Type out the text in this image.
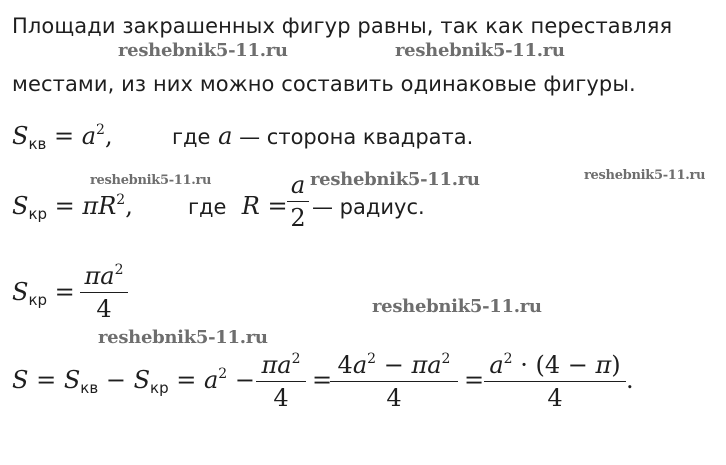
Площади закрашенных фигур равны, так как переставляя
местами, из них можно составить одинаковые фигуры.
$S_{кв} = a^2$,	где a — сторона квадрата.
$S_{кр} = \pi R^2$,	где R =
a
2 — радиус.
$S_{кр}$ =
$\pi a^2$
4
$S = S_{кв} - S_{кр} = a^2$ −
$\pi a^2$
4
=
$4a^2 - \pi a^2$
4
=
$a^2 \cdot (4 - \pi)$
4
.
reshebnik5-11.ru	reshebnik5-11.ru
reshebnik5-11.ru	reshebnik5-11.ru	reshebnik5-11.ru
reshebnik5-11.ru
reshebnik5-11.ru
